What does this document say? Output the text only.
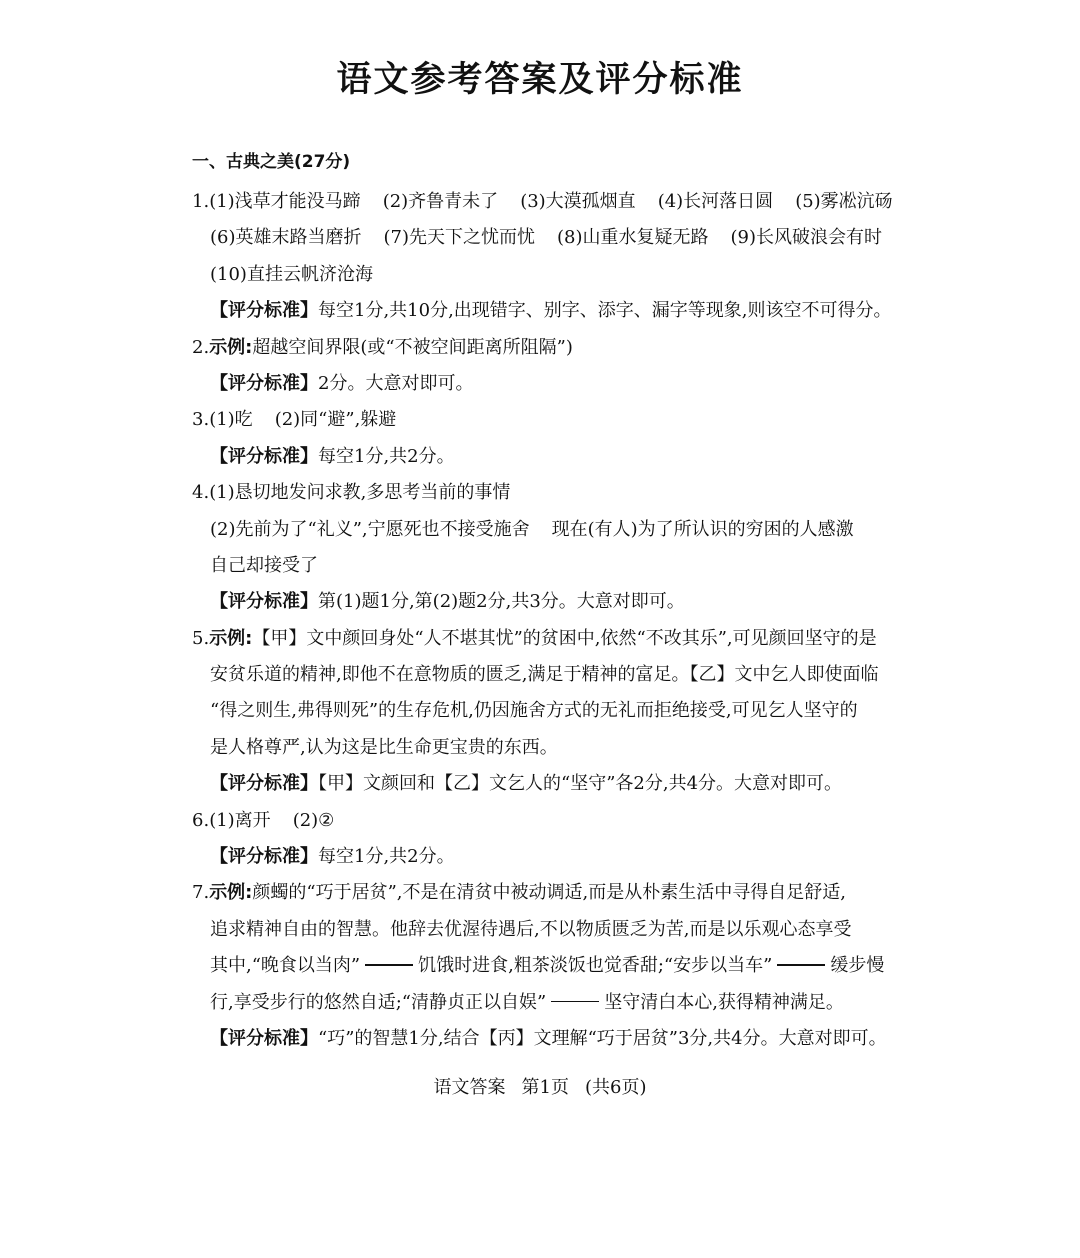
语文参考答案及评分标准
一、古典之美(27分)
1.(1)浅草才能没马蹄 (2)齐鲁青未了 (3)大漠孤烟直 (4)长河落日圆 (5)雾凇沆砀
(6)英雄末路当磨折 (7)先天下之忧而忧 (8)山重水复疑无路 (9)长风破浪会有时
(10)直挂云帆济沧海
【评分标准】每空1分,共10分,出现错字、别字、添字、漏字等现象,则该空不可得分。
2.示例:超越空间界限(或“不被空间距离所阻隔”)
【评分标准】2分。大意对即可。
3.(1)吃 (2)同“避”,躲避
【评分标准】每空1分,共2分。
4.(1)恳切地发问求教,多思考当前的事情
(2)先前为了“礼义”,宁愿死也不接受施舍 现在(有人)为了所认识的穷困的人感激
自己却接受了
【评分标准】第(1)题1分,第(2)题2分,共3分。大意对即可。
5.示例:【甲】文中颜回身处“人不堪其忧”的贫困中,依然“不改其乐”,可见颜回坚守的是
安贫乐道的精神,即他不在意物质的匮乏,满足于精神的富足。【乙】文中乞人即使面临
“得之则生,弗得则死”的生存危机,仍因施舍方式的无礼而拒绝接受,可见乞人坚守的
是人格尊严,认为这是比生命更宝贵的东西。
【评分标准】【甲】文颜回和【乙】文乞人的“坚守”各2分,共4分。大意对即可。
6.(1)离开 (2)②
【评分标准】每空1分,共2分。
7.示例:颜蠋的“巧于居贫”,不是在清贫中被动调适,而是从朴素生活中寻得自足舒适,
追求精神自由的智慧。他辞去优渥待遇后,不以物质匮乏为苦,而是以乐观心态享受
其中,“晚食以当肉”	饥饿时进食,粗茶淡饭也觉香甜;“安步以当车”	缓步慢
行,享受步行的悠然自适;“清静贞正以自娱”	坚守清白本心,获得精神满足。
【评分标准】“巧”的智慧1分,结合【丙】文理解“巧于居贫”3分,共4分。大意对即可。
语文答案 第1页 (共6页)
